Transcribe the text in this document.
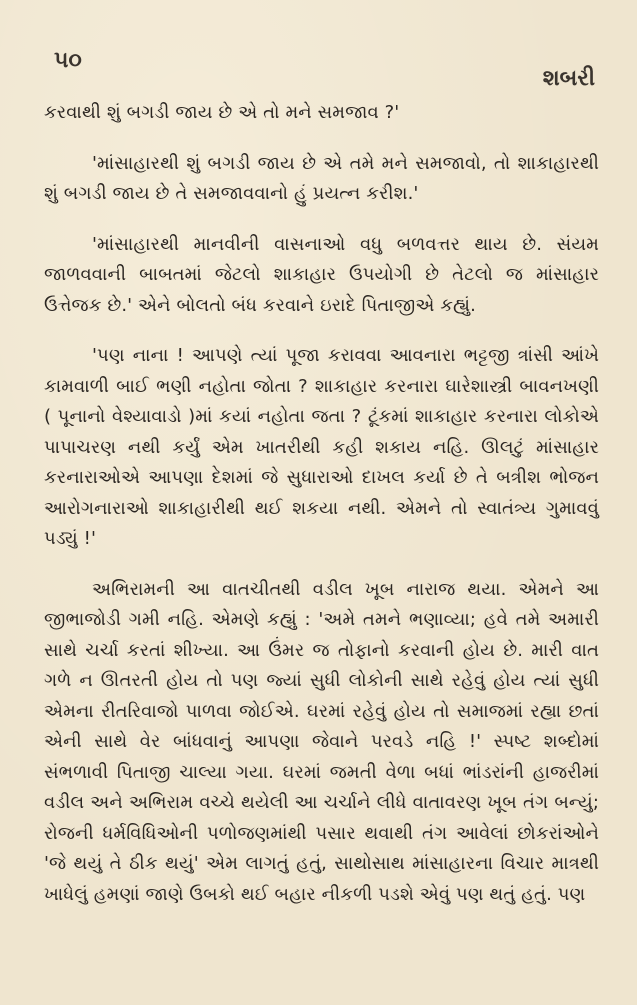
૫૦
શબરી

કરવાથી શું બગડી જાય છે એ તો મને સમજાવ ?'

'માંસાહારથી શું બગડી જાય છે એ તમે મને સમજાવો, તો શાકાહારથી શું બગડી જાય છે તે સમજાવવાનો હું પ્રયત્ન કરીશ.'

'માંસાહારથી માનવીની વાસનાઓ વધુ બળવત્તર થાય છે. સંયમ જાળવવાની બાબતમાં જેટલો શાકાહાર ઉપયોગી છે તેટલો જ માંસાહાર ઉત્તેજક છે.' એને બોલતો બંધ કરવાને ઇરાદે પિતાજીએ કહ્યું.

'પણ નાના ! આપણે ત્યાં પૂજા કરાવવા આવનારા ભટ્ટજી ત્રાંસી આંખે કામવાળી બાઈ ભણી નહોતા જોતા ? શાકાહાર કરનારા ઘારેશાસ્ત્રી બાવનખણી ( પૂનાનો વેશ્યાવાડો )માં કયાં નહોતા જતા ? ટૂંકમાં શાકાહાર કરનારા લોકોએ પાપાચરણ નથી કર્યું એમ ખાતરીથી કહી શકાય નહિ. ઊલટું માંસાહાર કરનારાઓએ આપણા દેશમાં જે સુધારાઓ દાખલ કર્યા છે તે બત્રીશ ભોજન આરોગનારાઓ શાકાહારીથી થઈ શકયા નથી. એમને તો સ્વાતંત્ર્ય ગુમાવવું પડ્યું !'

અભિરામની આ વાતચીતથી વડીલ ખૂબ નારાજ થયા. એમને આ જીભાજોડી ગમી નહિ. એમણે કહ્યું : 'અમે તમને ભણાવ્યા; હવે તમે અમારી સાથે ચર્ચા કરતાં શીખ્યા. આ ઉંમર જ તોફાનો કરવાની હોય છે. મારી વાત ગળે ન ઊતરતી હોય તો પણ જ્યાં સુધી લોકોની સાથે રહેવું હોય ત્યાં સુધી એમના રીતરિવાજો પાળવા જોઈએ. ઘરમાં રહેવું હોય તો સમાજમાં રહ્યા છતાં એની સાથે વેર બાંધવાનું આપણા જેવાને પરવડે નહિ !' સ્પષ્ટ શબ્દોમાં સંભળાવી પિતાજી ચાલ્યા ગયા. ઘરમાં જમતી વેળા બધાં ભાંડરાંની હાજરીમાં વડીલ અને અભિરામ વચ્ચે થયેલી આ ચર્ચાને લીધે વાતાવરણ ખૂબ તંગ બન્યું; રોજની ધર્મવિધિઓની પળોજણમાંથી પસાર થવાથી તંગ આવેલાં છોકરાંઓને 'જે થયું તે ઠીક થયું' એમ લાગતું હતું, સાથોસાથ માંસાહારના વિચાર માત્રથી ખાધેલું હમણાં જાણે ઉબકો થઈ બહાર નીકળી પડશે એવું પણ થતું હતું. પણ
